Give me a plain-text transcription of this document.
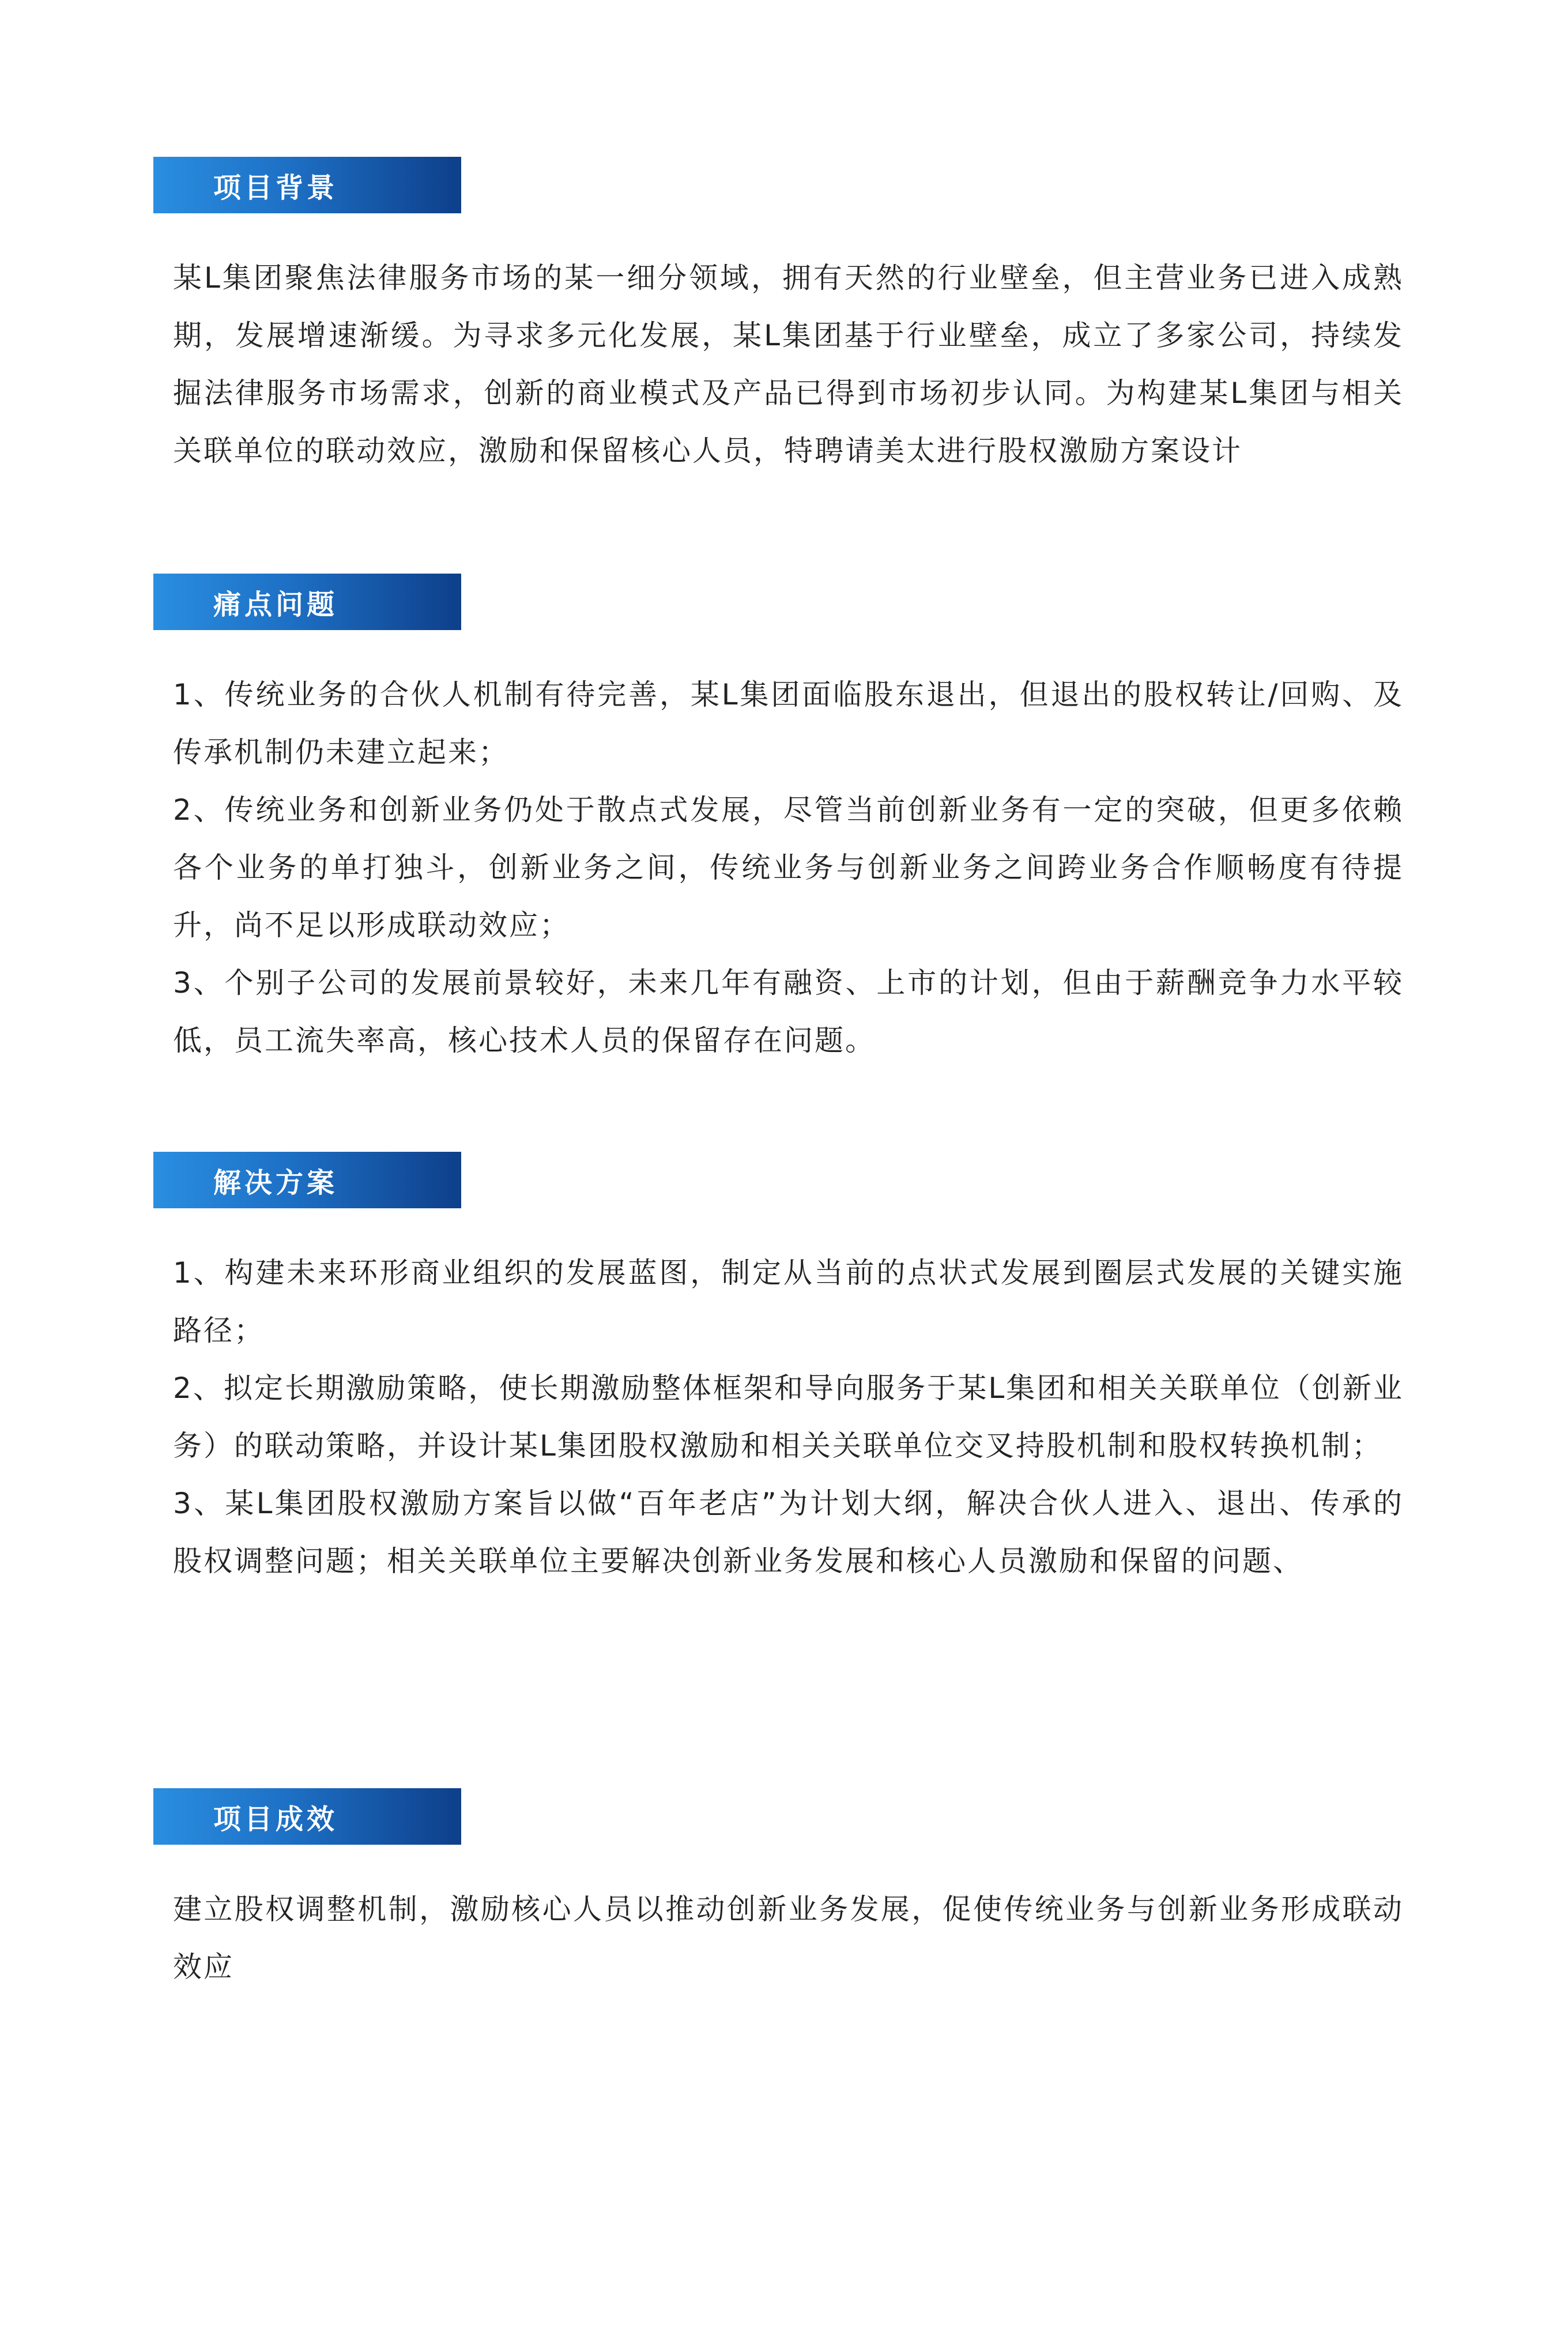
项目背景

某L集团聚焦法律服务市场的某一细分领域，拥有天然的行业壁垒，但主营业务已进入成熟期，发展增速渐缓。为寻求多元化发展，某L集团基于行业壁垒，成立了多家公司，持续发掘法律服务市场需求，创新的商业模式及产品已得到市场初步认同。为构建某L集团与相关关联单位的联动效应，激励和保留核心人员，特聘请美太进行股权激励方案设计

痛点问题

1、传统业务的合伙人机制有待完善，某L集团面临股东退出，但退出的股权转让/回购、及传承机制仍未建立起来；

2、传统业务和创新业务仍处于散点式发展，尽管当前创新业务有一定的突破，但更多依赖各个业务的单打独斗，创新业务之间，传统业务与创新业务之间跨业务合作顺畅度有待提升，尚不足以形成联动效应；

3、个别子公司的发展前景较好，未来几年有融资、上市的计划，但由于薪酬竞争力水平较低，员工流失率高，核心技术人员的保留存在问题。

解决方案

1、构建未来环形商业组织的发展蓝图，制定从当前的点状式发展到圈层式发展的关键实施路径；

2、拟定长期激励策略，使长期激励整体框架和导向服务于某L集团和相关关联单位（创新业务）的联动策略，并设计某L集团股权激励和相关关联单位交叉持股机制和股权转换机制；

3、某L集团股权激励方案旨以做“百年老店”为计划大纲，解决合伙人进入、退出、传承的股权调整问题；相关关联单位主要解决创新业务发展和核心人员激励和保留的问题、

项目成效

建立股权调整机制，激励核心人员以推动创新业务发展，促使传统业务与创新业务形成联动效应
